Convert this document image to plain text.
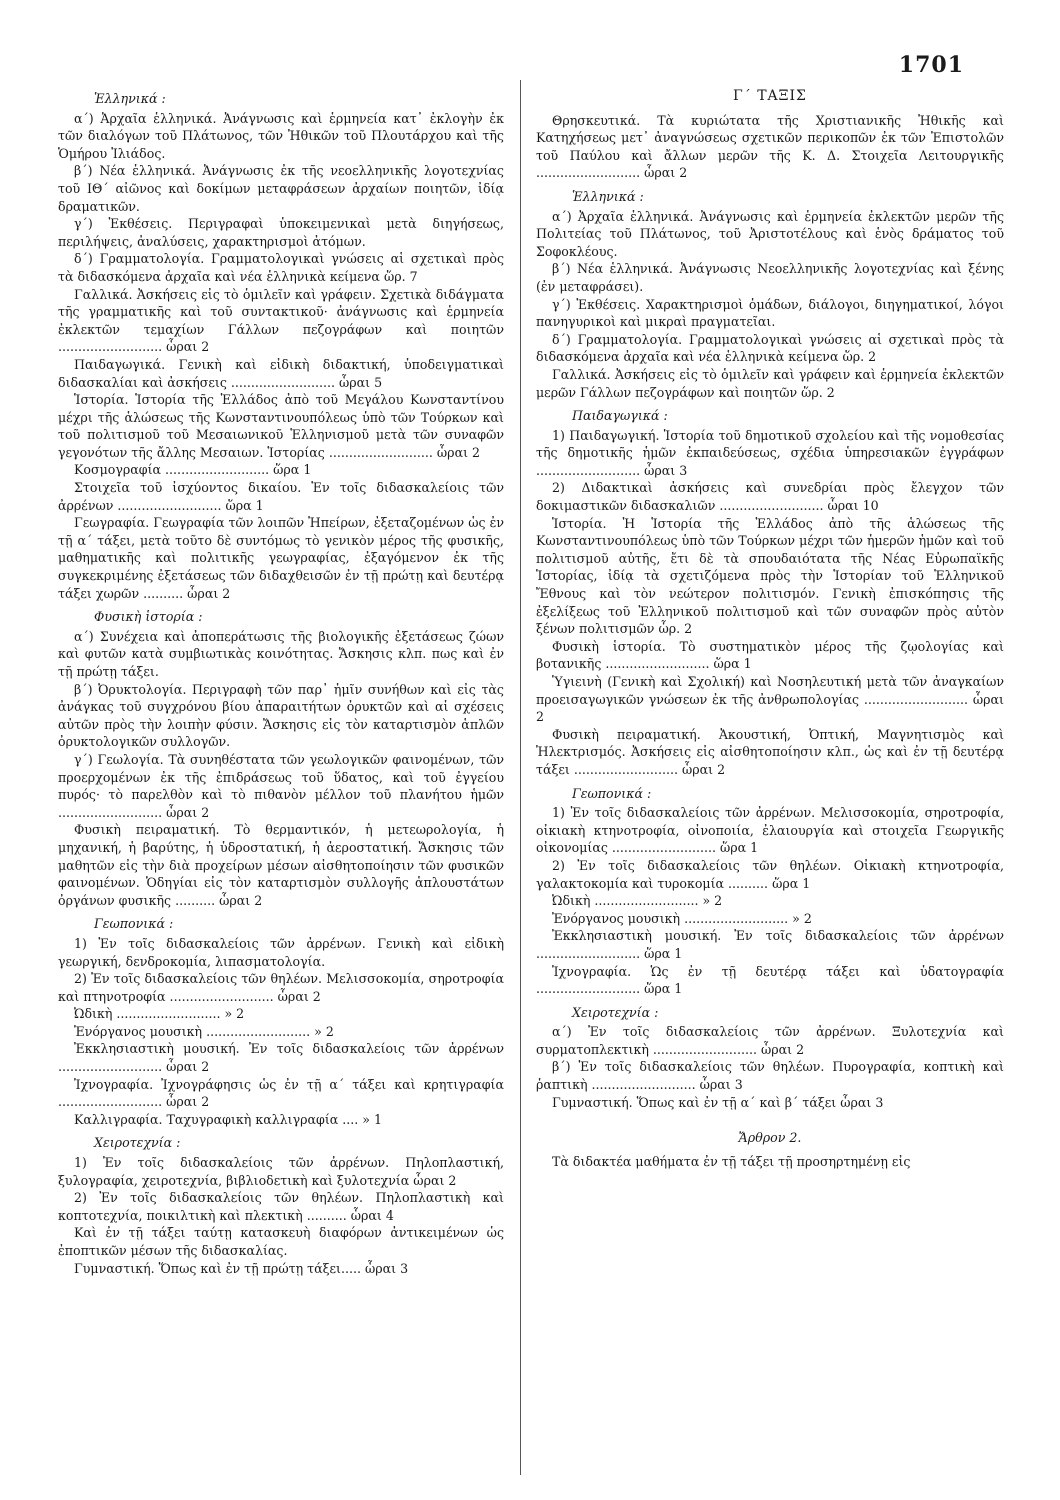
1701
Ἑλληνικά :

α΄) Ἀρχαῖα ἑλληνικά. Ἀνάγνωσις καὶ ἑρμηνεία κατ᾿ ἐκλογὴν ἐκ τῶν διαλόγων τοῦ Πλάτωνος, τῶν Ἠθικῶν τοῦ Πλουτάρχου καὶ τῆς Ὁμήρου Ἰλιάδος.

β΄) Νέα ἑλληνικά. Ἀνάγνωσις ἐκ τῆς νεοελληνικῆς λογοτεχνίας τοῦ ΙΘ΄ αἰῶνος καὶ δοκίμων μεταφράσεων ἀρχαίων ποιητῶν, ἰδίᾳ δραματικῶν.

γ΄) Ἐκθέσεις. Περιγραφαὶ ὑποκειμενικαὶ μετὰ διηγήσεως, περιλήψεις, ἀναλύσεις, χαρακτηρισμοὶ ἀτόμων.

δ΄) Γραμματολογία. Γραμματολογικαὶ γνώσεις αἱ σχετικαὶ πρὸς τὰ διδασκόμενα ἀρχαῖα καὶ νέα ἑλληνικὰ κείμενα ὥρ. 7

Γαλλικά. Ἀσκήσεις εἰς τὸ ὁμιλεῖν καὶ γράφειν. Σχετικὰ διδάγματα τῆς γραμματικῆς καὶ τοῦ συντακτικοῦ· ἀνάγνωσις καὶ ἑρμηνεία ἐκλεκτῶν τεμαχίων Γάλλων πεζογράφων καὶ ποιητῶν .......................... ὧραι 2

Παιδαγωγικά. Γενικὴ καὶ εἰδικὴ διδακτική, ὑποδειγματικαὶ διδασκαλίαι καὶ ἀσκήσεις .......................... ὧραι 5

Ἱστορία. Ἱστορία τῆς Ἑλλάδος ἀπὸ τοῦ Μεγάλου Κωνσταντίνου μέχρι τῆς ἁλώσεως τῆς Κωνσταντινουπόλεως ὑπὸ τῶν Τούρκων καὶ τοῦ πολιτισμοῦ τοῦ Μεσαιωνικοῦ Ἑλληνισμοῦ μετὰ τῶν συναφῶν γεγονότων τῆς ἄλλης Μεσαιων. Ἱστορίας .......................... ὧραι 2

Κοσμογραφία .......................... ὥρα 1

Στοιχεῖα τοῦ ἰσχύοντος δικαίου. Ἐν τοῖς διδασκαλείοις τῶν ἀρρένων .......................... ὥρα 1

Γεωγραφία. Γεωγραφία τῶν λοιπῶν Ἠπείρων, ἐξεταζομένων ὡς ἐν τῇ α΄ τάξει, μετὰ τοῦτο δὲ συντόμως τὸ γενικὸν μέρος τῆς φυσικῆς, μαθηματικῆς καὶ πολιτικῆς γεωγραφίας, ἐξαγόμενον ἐκ τῆς συγκεκριμένης ἐξετάσεως τῶν διδαχθεισῶν ἐν τῇ πρώτῃ καὶ δευτέρᾳ τάξει χωρῶν .......... ὧραι 2

Φυσικὴ ἱστορία :

α΄) Συνέχεια καὶ ἀποπεράτωσις τῆς βιολογικῆς ἐξετάσεως ζώων καὶ φυτῶν κατὰ συμβιωτικὰς κοινότητας. Ἄσκησις κλπ. πως καὶ ἐν τῇ πρώτῃ τάξει.

β΄) Ὀρυκτολογία. Περιγραφὴ τῶν παρ᾿ ἡμῖν συνήθων καὶ εἰς τὰς ἀνάγκας τοῦ συγχρόνου βίου ἀπαραιτήτων ὀρυκτῶν καὶ αἱ σχέσεις αὐτῶν πρὸς τὴν λοιπὴν φύσιν. Ἄσκησις εἰς τὸν καταρτισμὸν ἁπλῶν ὀρυκτολογικῶν συλλογῶν.

γ΄) Γεωλογία. Τὰ συνηθέστατα τῶν γεωλογικῶν φαινομένων, τῶν προερχομένων ἐκ τῆς ἐπιδράσεως τοῦ ὕδατος, καὶ τοῦ ἐγγείου πυρός· τὸ παρελθὸν καὶ τὸ πιθανὸν μέλλον τοῦ πλανήτου ἡμῶν .......................... ὧραι 2

Φυσικὴ πειραματική. Τὸ θερμαντικόν, ἡ μετεωρολογία, ἡ μηχανική, ἡ βαρύτης, ἡ ὑδροστατική, ἡ ἀεροστατική. Ἄσκησις τῶν μαθητῶν εἰς τὴν διὰ προχείρων μέσων αἰσθητοποίησιν τῶν φυσικῶν φαινομένων. Ὁδηγίαι εἰς τὸν καταρτισμὸν συλλογῆς ἁπλουστάτων ὀργάνων φυσικῆς .......... ὧραι 2

Γεωπονικά :

1) Ἐν τοῖς διδασκαλείοις τῶν ἀρρένων. Γενικὴ καὶ εἰδικὴ γεωργική, δενδροκομία, λιπασματολογία.

2) Ἐν τοῖς διδασκαλείοις τῶν θηλέων. Μελισσοκομία, σηροτροφία καὶ πτηνοτροφία .......................... ὧραι 2

Ὠδικὴ .......................... » 2

Ἐνόργανος μουσικὴ .......................... » 2

Ἐκκλησιαστικὴ μουσική. Ἐν τοῖς διδασκαλείοις τῶν ἀρρένων .......................... ὧραι 2

Ἰχνογραφία. Ἰχνογράφησις ὡς ἐν τῇ α΄ τάξει καὶ κρητιγραφία .......................... ὧραι 2

Καλλιγραφία. Ταχυγραφικὴ καλλιγραφία .... » 1

Χειροτεχνία :

1) Ἐν τοῖς διδασκαλείοις τῶν ἀρρένων. Πηλοπλαστική, ξυλογραφία, χειροτεχνία, βιβλιοδετικὴ καὶ ξυλοτεχνία ὧραι 2

2) Ἐν τοῖς διδασκαλείοις τῶν θηλέων. Πηλοπλαστικὴ καὶ κοπτοτεχνία, ποικιλτικὴ καὶ πλεκτικὴ .......... ὧραι 4

Καὶ ἐν τῇ τάξει ταύτῃ κατασκευὴ διαφόρων ἀντικειμένων ὡς ἐποπτικῶν μέσων τῆς διδασκαλίας.

Γυμναστική. Ὅπως καὶ ἐν τῇ πρώτῃ τάξει..... ὧραι 3

Γ΄ ΤΑΞΙΣ

Θρησκευτικά. Τὰ κυριώτατα τῆς Χριστιανικῆς Ἠθικῆς καὶ Κατηχήσεως μετ᾿ ἀναγνώσεως σχετικῶν περικοπῶν ἐκ τῶν Ἐπιστολῶν τοῦ Παύλου καὶ ἄλλων μερῶν τῆς Κ. Δ. Στοιχεῖα Λειτουργικῆς .......................... ὧραι 2

Ἑλληνικά :

α΄) Ἀρχαῖα ἑλληνικά. Ἀνάγνωσις καὶ ἑρμηνεία ἐκλεκτῶν μερῶν τῆς Πολιτείας τοῦ Πλάτωνος, τοῦ Ἀριστοτέλους καὶ ἑνὸς δράματος τοῦ Σοφοκλέους.

β΄) Νέα ἑλληνικά. Ἀνάγνωσις Νεοελληνικῆς λογοτεχνίας καὶ ξένης (ἐν μεταφράσει).

γ΄) Ἐκθέσεις. Χαρακτηρισμοὶ ὁμάδων, διάλογοι, διηγηματικοί, λόγοι πανηγυρικοὶ καὶ μικραὶ πραγματεῖαι.

δ΄) Γραμματολογία. Γραμματολογικαὶ γνώσεις αἱ σχετικαὶ πρὸς τὰ διδασκόμενα ἀρχαῖα καὶ νέα ἑλληνικὰ κείμενα ὥρ. 2

Γαλλικά. Ἀσκήσεις εἰς τὸ ὁμιλεῖν καὶ γράφειν καὶ ἑρμηνεία ἐκλεκτῶν μερῶν Γάλλων πεζογράφων καὶ ποιητῶν ὥρ. 2

Παιδαγωγικά :

1) Παιδαγωγική. Ἱστορία τοῦ δημοτικοῦ σχολείου καὶ τῆς νομοθεσίας τῆς δημοτικῆς ἡμῶν ἐκπαιδεύσεως, σχέδια ὑπηρεσιακῶν ἐγγράφων .......................... ὧραι 3

2) Διδακτικαὶ ἀσκήσεις καὶ συνεδρίαι πρὸς ἔλεγχον τῶν δοκιμαστικῶν διδασκαλιῶν .......................... ὧραι 10

Ἱστορία. Ἡ Ἱστορία τῆς Ἑλλάδος ἀπὸ τῆς ἁλώσεως τῆς Κωνσταντινουπόλεως ὑπὸ τῶν Τούρκων μέχρι τῶν ἡμερῶν ἡμῶν καὶ τοῦ πολιτισμοῦ αὐτῆς, ἔτι δὲ τὰ σπουδαιότατα τῆς Νέας Εὐρωπαϊκῆς Ἱστορίας, ἰδίᾳ τὰ σχετιζόμενα πρὸς τὴν Ἱστορίαν τοῦ Ἑλληνικοῦ Ἔθνους καὶ τὸν νεώτερον πολιτισμόν. Γενικὴ ἐπισκόπησις τῆς ἐξελίξεως τοῦ Ἑλληνικοῦ πολιτισμοῦ καὶ τῶν συναφῶν πρὸς αὐτὸν ξένων πολιτισμῶν ὧρ. 2

Φυσικὴ ἱστορία. Τὸ συστηματικὸν μέρος τῆς ζῳολογίας καὶ βοτανικῆς .......................... ὥρα 1

Ὑγιεινὴ (Γενικὴ καὶ Σχολική) καὶ Νοσηλευτική μετὰ τῶν ἀναγκαίων προεισαγωγικῶν γνώσεων ἐκ τῆς ἀνθρωπολογίας .......................... ὧραι 2

Φυσικὴ πειραματική. Ἀκουστική, Ὀπτική, Μαγνητισμὸς καὶ Ἠλεκτρισμός. Ἀσκήσεις εἰς αἰσθητοποίησιν κλπ., ὡς καὶ ἐν τῇ δευτέρᾳ τάξει .......................... ὧραι 2

Γεωπονικά :

1) Ἐν τοῖς διδασκαλείοις τῶν ἀρρένων. Μελισσοκομία, σηροτροφία, οἰκιακὴ κτηνοτροφία, οἰνοποιία, ἐλαιουργία καὶ στοιχεῖα Γεωργικῆς οἰκονομίας .......................... ὥρα 1

2) Ἐν τοῖς διδασκαλείοις τῶν θηλέων. Οἰκιακὴ κτηνοτροφία, γαλακτοκομία καὶ τυροκομία .......... ὥρα 1

Ὠδικὴ .......................... » 2

Ἐνόργανος μουσικὴ .......................... » 2

Ἐκκλησιαστικὴ μουσική. Ἐν τοῖς διδασκαλείοις τῶν ἀρρένων .......................... ὥρα 1

Ἰχνογραφία. Ὡς ἐν τῇ δευτέρᾳ τάξει καὶ ὑδατογραφία .......................... ὥρα 1

Χειροτεχνία :

α΄) Ἐν τοῖς διδασκαλείοις τῶν ἀρρένων. Ξυλοτεχνία καὶ συρματοπλεκτικὴ .......................... ὧραι 2

β΄) Ἐν τοῖς διδασκαλείοις τῶν θηλέων. Πυρογραφία, κοπτικὴ καὶ ῥαπτικὴ .......................... ὧραι 3

Γυμναστική. Ὅπως καὶ ἐν τῇ α΄ καὶ β΄ τάξει ὧραι 3

Ἄρθρον 2.

Τὰ διδακτέα μαθήματα ἐν τῇ τάξει τῇ προσηρτημένῃ εἰς
